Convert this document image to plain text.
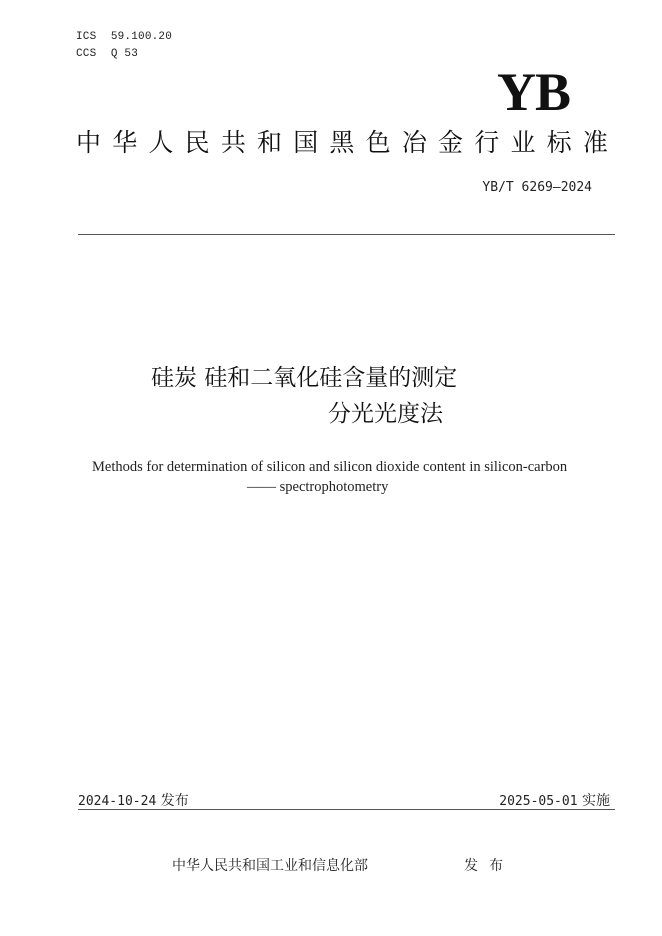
ICS 59.100.20
CCS Q 53
YB
中 华 人 民 共 和 国 黑 色 冶 金 行 业 标 准
YB/T 6269—2024
硅炭 硅和二氧化硅含量的测定
分光光度法
Methods for determination of silicon and silicon dioxide content in silicon-carbon
—— spectrophotometry
2024-10-24 发布	2025-05-01 实施
中华人民共和国工业和信息化部	发布
